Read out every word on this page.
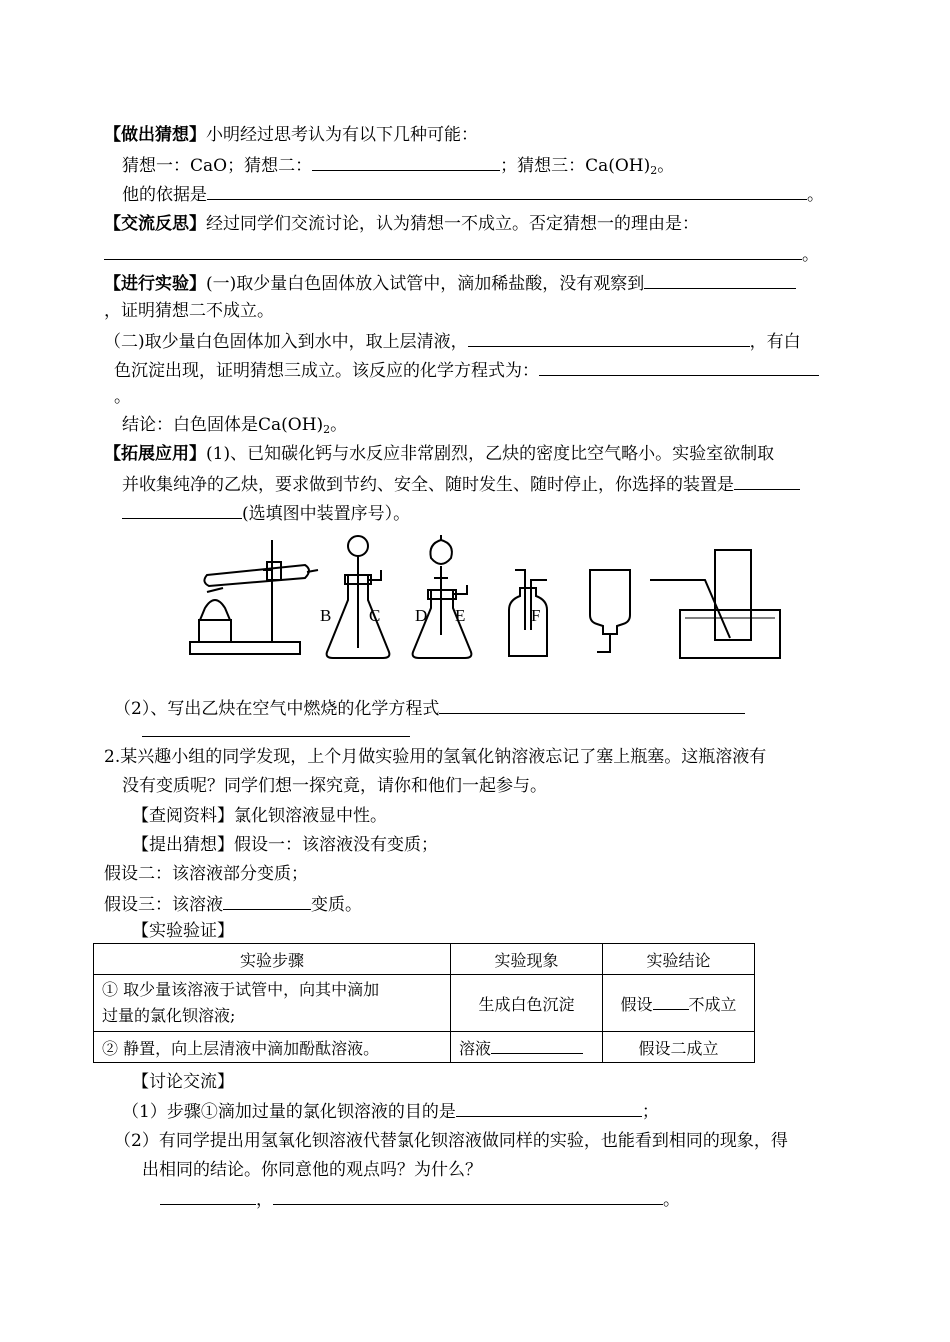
【做出猜想】小明经过思考认为有以下几种可能：
猜想一：CaO；猜想二：	；猜想三：$Ca(OH)_2$。
他的依据是	。
【交流反思】经过同学们交流讨论，认为猜想一不成立。否定猜想一的理由是：
。
【进行实验】(一)取少量白色固体放入试管中，滴加稀盐酸，没有观察到
，证明猜想二不成立。
（二)取少量白色固体加入到水中，取上层清液，	，有白
色沉淀出现，证明猜想三成立。该反应的化学方程式为：
。
结论：白色固体是$Ca(OH)_2$。
【拓展应用】(1)、已知碳化钙与水反应非常剧烈，乙炔的密度比空气略小。实验室欲制取
并收集纯净的乙炔，要求做到节约、安全、随时发生、随时停止，你选择的装置是
(选填图中装置序号）。
B C D E	F
（2）、写出乙炔在空气中燃烧的化学方程式
2.某兴趣小组的同学发现，上个月做实验用的氢氧化钠溶液忘记了塞上瓶塞。这瓶溶液有
没有变质呢？同学们想一探究竟，请你和他们一起参与。
【查阅资料】氯化钡溶液显中性。
【提出猜想】假设一：该溶液没有变质；
假设二：该溶液部分变质；
假设三：该溶液	变质。
【实验验证】
实验步骤	实验现象	实验结论

① 取少量该溶液于试管中，向其中滴加
过量的氯化钡溶液;	生成白色沉淀	假设 不成立
② 静置，向上层清液中滴加酚酞溶液。	溶液	假设二成立
【讨论交流】
（1）步骤①滴加过量的氯化钡溶液的目的是	；
（2）有同学提出用氢氧化钡溶液代替氯化钡溶液做同样的实验，也能看到相同的现象，得
出相同的结论。你同意他的观点吗？为什么？
，	。
